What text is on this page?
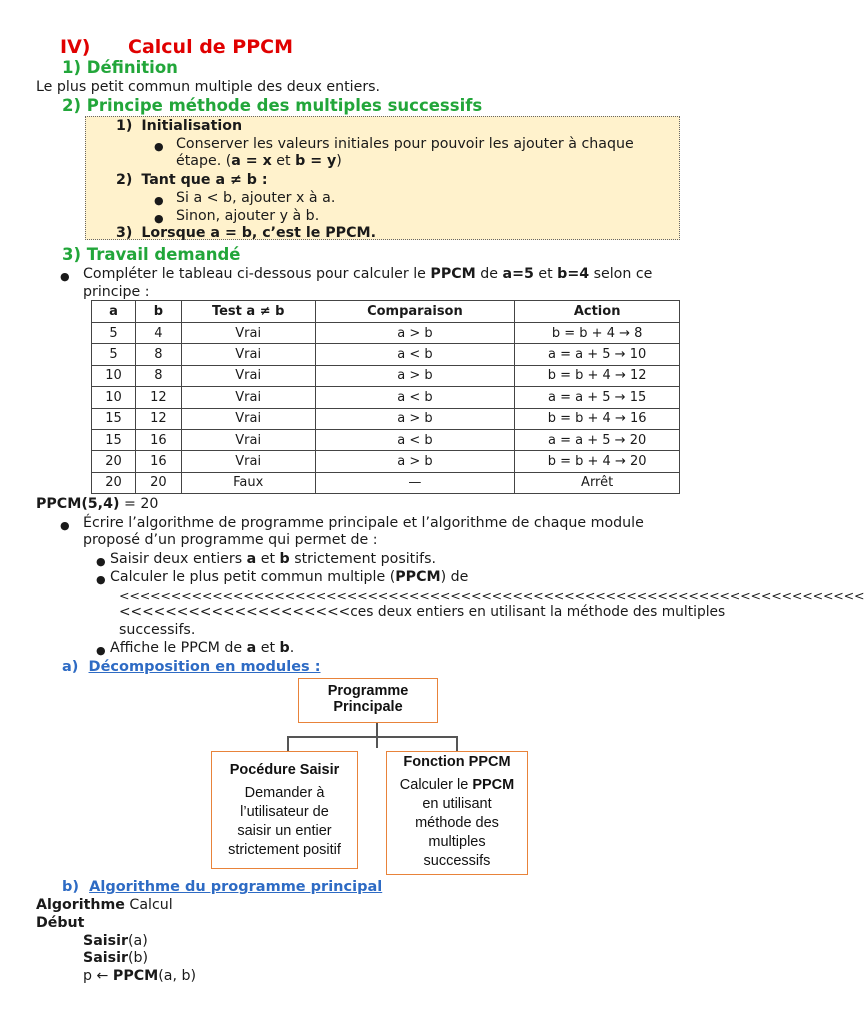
IV) Calcul de PPCM
1) Définition
Le plus petit commun multiple des deux entiers.
2) Principe méthode des multiples successifs
1) Initialisation
● Conserver les valeurs initiales pour pouvoir les ajouter à chaque
étape. (a = x et b = y)
2) Tant que a ≠ b :
● Si a < b, ajouter x à a.
● Sinon, ajouter y à b.
3) Lorsque a = b, c’est le PPCM.
3) Travail demandé
● Compléter le tableau ci-dessous pour calculer le PPCM de a=5 et b=4 selon ce
principe :
a	b	Test a ≠ b	Comparaison	Action
5	4	Vrai	a > b	b = b + 4 → 8
5	8	Vrai	a < b	a = a + 5 → 10
10	8	Vrai	a > b	b = b + 4 → 12
10	12	Vrai	a < b	a = a + 5 → 15
15	12	Vrai	a > b	b = b + 4 → 16
15	16	Vrai	a < b	a = a + 5 → 20
20	16	Vrai	a > b	b = b + 4 → 20
20	20	Faux	—	Arrêt
PPCM(5,4) = 20
● Écrire l’algorithme de programme principale et l’algorithme de chaque module
proposé d’un programme qui permet de :
● Saisir deux entiers a et b strictement positifs.
● Calculer le plus petit commun multiple (PPCM) de
<<<<<<<<<<<<<<<<<<<<<<<<<<<<<<<<<<<<<<<<<<<<<<<<<<<<<<<<<<<<<<<<<<<<<<<<
<<<<<<<<<<<<<<<<<<<<ces deux entiers en utilisant la méthode des multiples
successifs.
● Affiche le PPCM de a et b.
a) Décomposition en modules :
Programme
Principale
Pocédure Saisir
Demander à
l’utilisateur de
saisir un entier
strictement positif
Fonction PPCM
Calculer le PPCM
en utilisant
méthode des
multiples
successifs
b) Algorithme du programme principal
Algorithme Calcul
Début
Saisir(a)
Saisir(b)
p ← PPCM(a, b)
